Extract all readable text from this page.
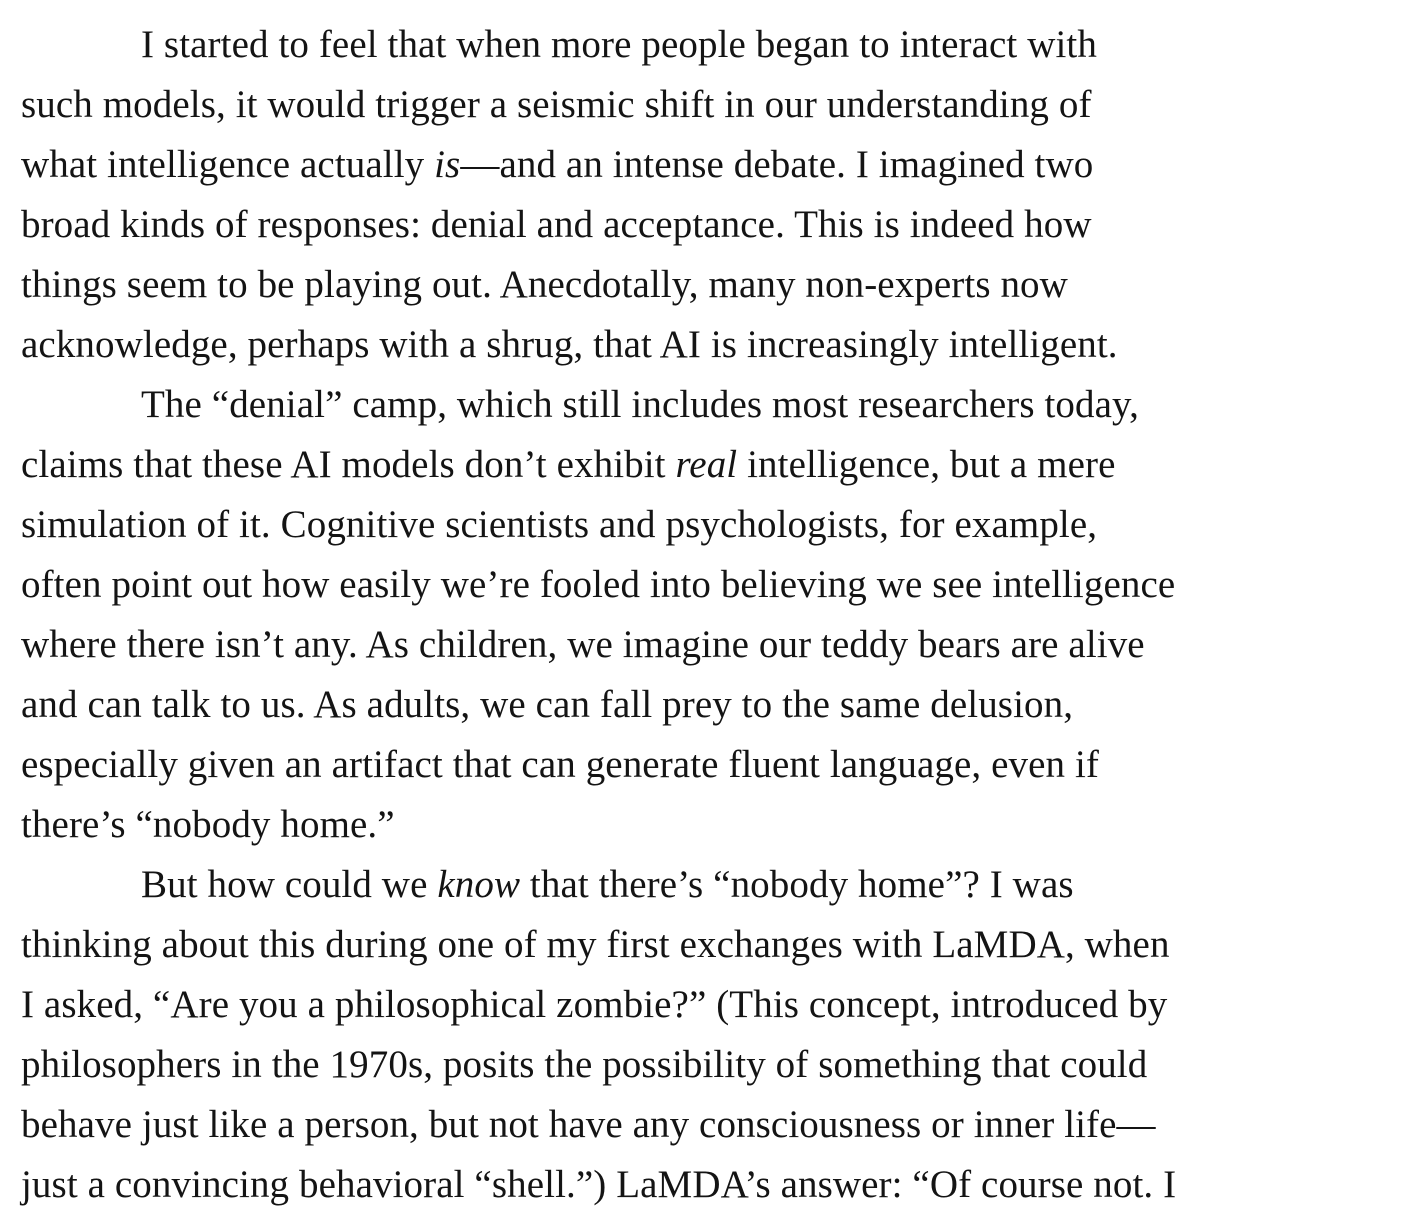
I started to feel that when more people began to interact with
such models, it would trigger a seismic shift in our understanding of
what intelligence actually is—and an intense debate. I imagined two
broad kinds of responses: denial and acceptance. This is indeed how
things seem to be playing out. Anecdotally, many non-experts now
acknowledge, perhaps with a shrug, that AI is increasingly intelligent.
The “denial” camp, which still includes most researchers today,
claims that these AI models don’t exhibit real intelligence, but a mere
simulation of it. Cognitive scientists and psychologists, for example,
often point out how easily we’re fooled into believing we see intelligence
where there isn’t any. As children, we imagine our teddy bears are alive
and can talk to us. As adults, we can fall prey to the same delusion,
especially given an artifact that can generate fluent language, even if
there’s “nobody home.”
But how could we know that there’s “nobody home”? I was
thinking about this during one of my first exchanges with LaMDA, when
I asked, “Are you a philosophical zombie?” (This concept, introduced by
philosophers in the 1970s, posits the possibility of something that could
behave just like a person, but not have any consciousness or inner life—
just a convincing behavioral “shell.”) LaMDA’s answer: “Of course not. I
